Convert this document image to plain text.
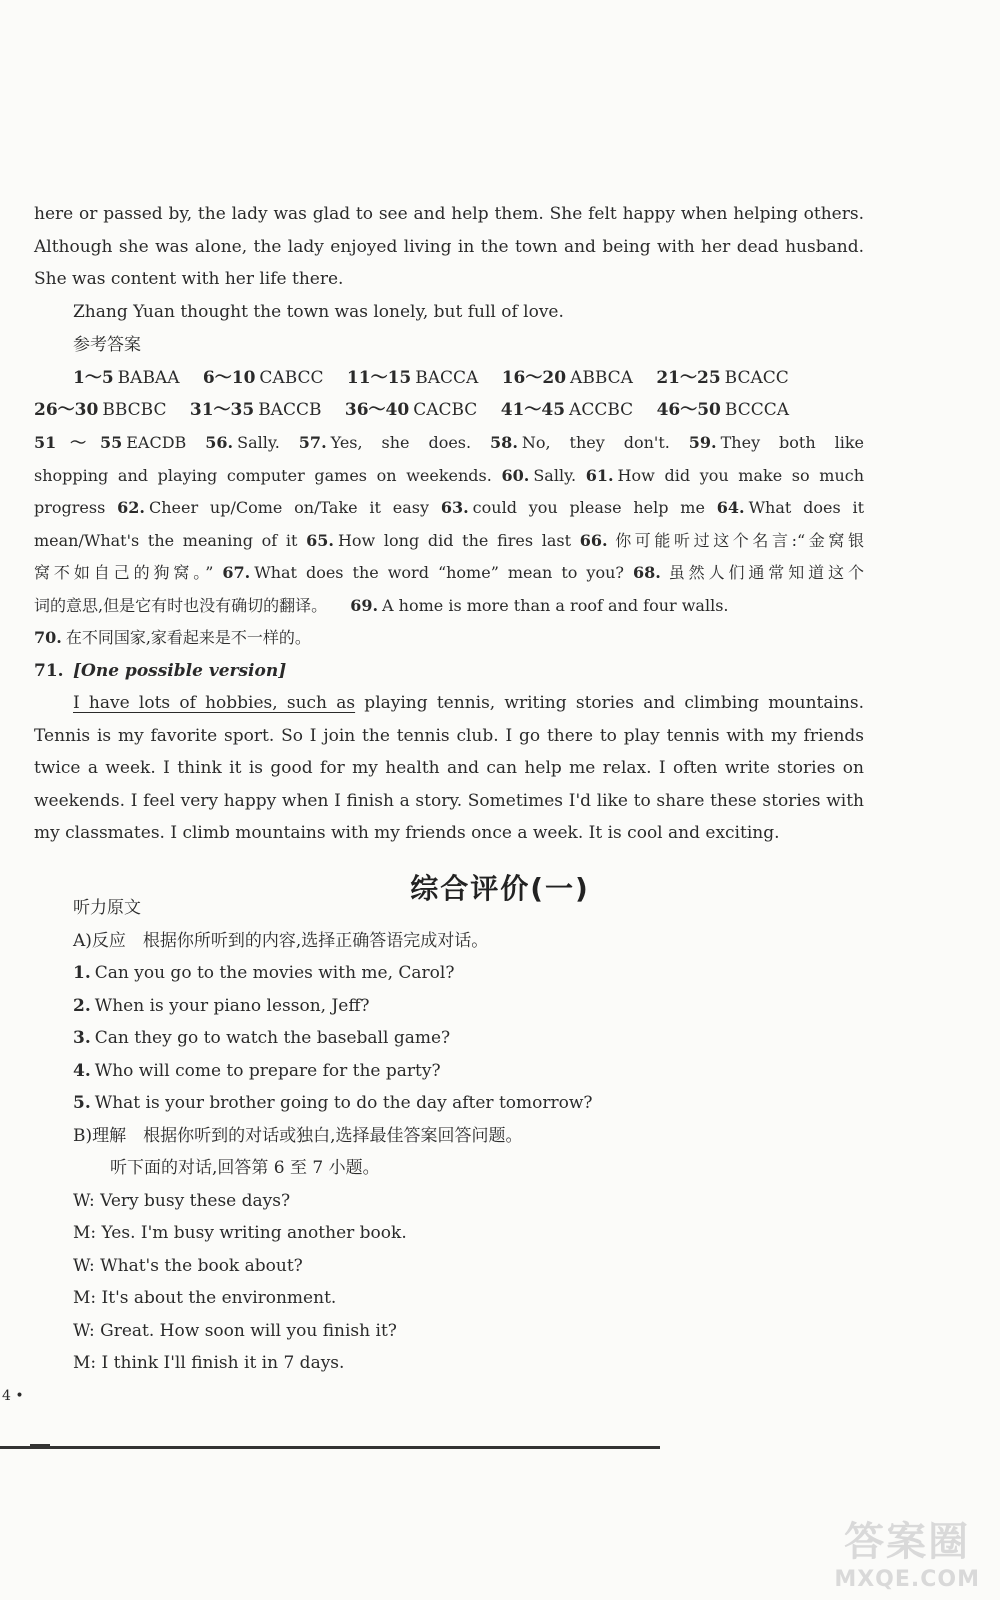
here or passed by, the lady was glad to see and help them. She felt happy when helping others.
Although she was alone, the lady enjoyed living in the town and being with her dead husband.
She was content with her life there.
Zhang Yuan thought the town was lonely, but full of love.
参考答案
1～5 BABAA 6～10 CABCC 11～15 BACCA 16～20 ABBCA 21～25 BCACC
26～30 BBCBC 31～35 BACCB 36～40 CACBC 41～45 ACCBC 46～50 BCCCA
51～55 EACDB 56. Sally. 57. Yes, she does. 58. No, they don't. 59. They both like
shopping and playing computer games on weekends. 60. Sally. 61. How did you make so much
progress 62. Cheer up/Come on/Take it easy 63. could you please help me 64. What does it
mean/What's the meaning of it 65. How long did the fires last 66. 你可能听过这个名言:“金窝银
窝不如自己的狗窝。” 67. What does the word “home” mean to you? 68. 虽然人们通常知道这个
词的意思,但是它有时也没有确切的翻译。 69. A home is more than a roof and four walls.
70. 在不同国家,家看起来是不一样的。
71. [One possible version]
I have lots of hobbies, such as playing tennis, writing stories and climbing mountains.
Tennis is my favorite sport. So I join the tennis club. I go there to play tennis with my friends
twice a week. I think it is good for my health and can help me relax. I often write stories on
weekends. I feel very happy when I finish a story. Sometimes I'd like to share these stories with
my classmates. I climb mountains with my friends once a week. It is cool and exciting.
综合评价(一)
听力原文
A)反应　根据你所听到的内容,选择正确答语完成对话。
1. Can you go to the movies with me, Carol?
2. When is your piano lesson, Jeff?
3. Can they go to watch the baseball game?
4. Who will come to prepare for the party?
5. What is your brother going to do the day after tomorrow?
B)理解　根据你听到的对话或独白,选择最佳答案回答问题。
听下面的对话,回答第 6 至 7 小题。
W: Very busy these days?
M: Yes. I'm busy writing another book.
W: What's the book about?
M: It's about the environment.
W: Great. How soon will you finish it?
M: I think I'll finish it in 7 days.
4 •
答案圈
MXQE.COM
